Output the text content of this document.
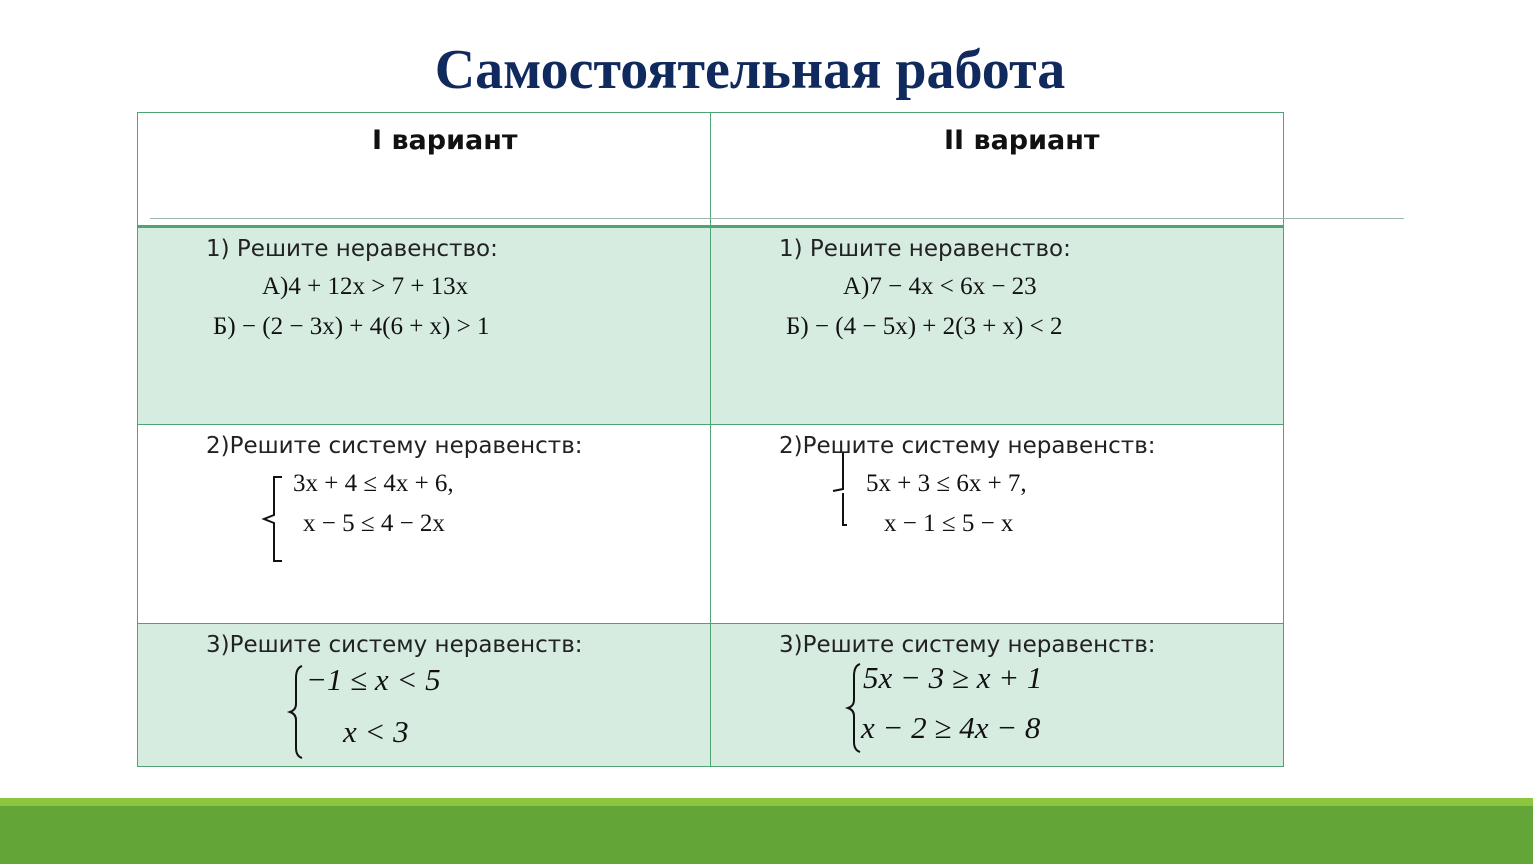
Самостоятельная работа
I вариант	II вариант
1) Решите неравенство:
А)4 + 12х > 7 + 13х
Б) − (2 − 3х) + 4(6 + х) > 1
1) Решите неравенство:
А)7 − 4х < 6х − 23
Б) − (4 − 5х) + 2(3 + х) < 2
2)Решите систему неравенств:
3х + 4 ≤ 4х + 6,
х − 5 ≤ 4 − 2х
2)Решите систему неравенств:
5х + 3 ≤ 6х + 7,
х − 1 ≤ 5 − х
3)Решите систему неравенств:
−1 ≤ x < 5
x < 3
3)Решите систему неравенств:
5x − 3 ≥ x + 1
x − 2 ≥ 4x − 8
